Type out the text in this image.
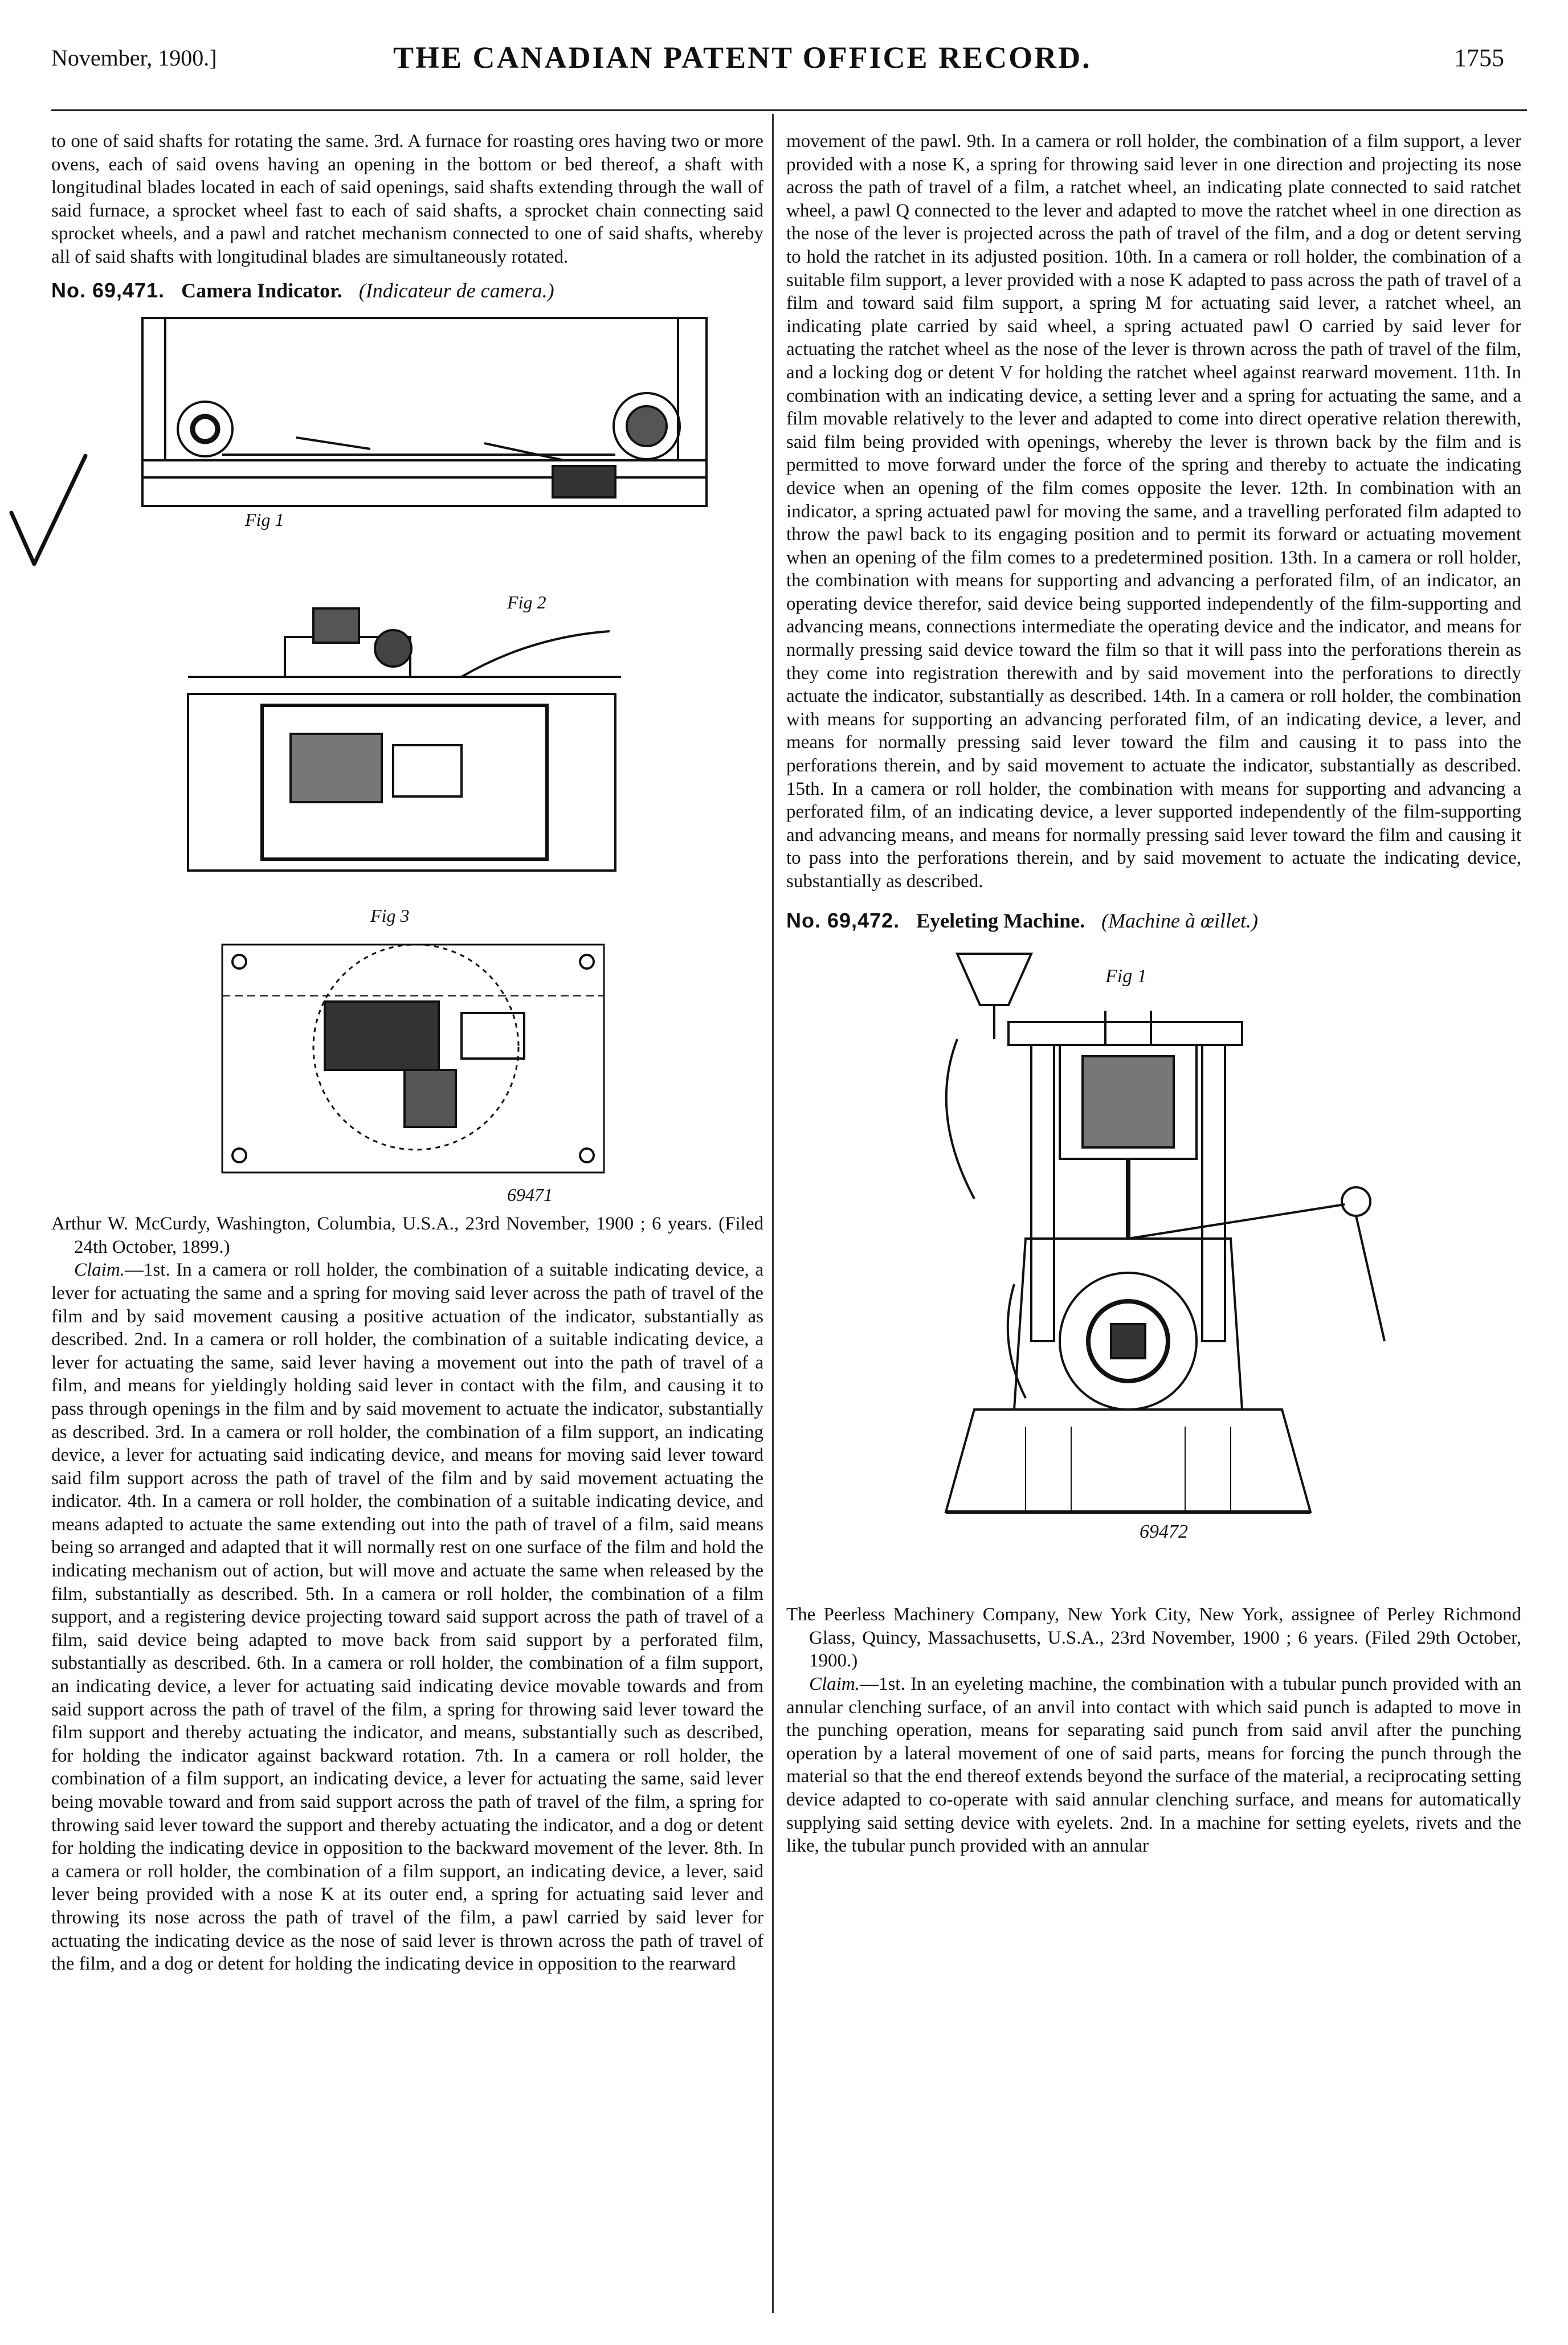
November, 1900.]	THE CANADIAN PATENT OFFICE RECORD.	1755

to one of said shafts for rotating the same. 3rd. A furnace for roasting ores having two or more ovens, each of said ovens having an opening in the bottom or bed thereof, a shaft with longitudinal blades located in each of said openings, said shafts extending through the wall of said furnace, a sprocket wheel fast to each of said shafts, a sprocket chain connecting said sprocket wheels, and a pawl and ratchet mechanism connected to one of said shafts, whereby all of said shafts with longitudinal blades are simultaneously rotated.

No. 69,471. Camera Indicator. (Indicateur de camera.)
Fig 1
Fig 2
Fig 3
69471

Arthur W. McCurdy, Washington, Columbia, U.S.A., 23rd November, 1900 ; 6 years. (Filed 24th October, 1899.)

Claim.—1st. In a camera or roll holder, the combination of a suitable indicating device, a lever for actuating the same and a spring for moving said lever across the path of travel of the film and by said movement causing a positive actuation of the indicator, substantially as described. 2nd. In a camera or roll holder, the combination of a suitable indicating device, a lever for actuating the same, said lever having a movement out into the path of travel of a film, and means for yieldingly holding said lever in contact with the film, and causing it to pass through openings in the film and by said movement to actuate the indicator, substantially as described. 3rd. In a camera or roll holder, the combination of a film support, an indicating device, a lever for actuating said indicating device, and means for moving said lever toward said film support across the path of travel of the film and by said movement actuating the indicator. 4th. In a camera or roll holder, the combination of a suitable indicating device, and means adapted to actuate the same extending out into the path of travel of a film, said means being so arranged and adapted that it will normally rest on one surface of the film and hold the indicating mechanism out of action, but will move and actuate the same when released by the film, substantially as described. 5th. In a camera or roll holder, the combination of a film support, and a registering device projecting toward said support across the path of travel of a film, said device being adapted to move back from said support by a perforated film, substantially as described. 6th. In a camera or roll holder, the combination of a film support, an indicating device, a lever for actuating said indicating device movable towards and from said support across the path of travel of the film, a spring for throwing said lever toward the film support and thereby actuating the indicator, and means, substantially such as described, for holding the indicator against backward rotation. 7th. In a camera or roll holder, the combination of a film support, an indicating device, a lever for actuating the same, said lever being movable toward and from said support across the path of travel of the film, a spring for throwing said lever toward the support and thereby actuating the indicator, and a dog or detent for holding the indicating device in opposition to the backward movement of the lever. 8th. In a camera or roll holder, the combination of a film support, an indicating device, a lever, said lever being provided with a nose K at its outer end, a spring for actuating said lever and throwing its nose across the path of travel of the film, a pawl carried by said lever for actuating the indicating device as the nose of said lever is thrown across the path of travel of the film, and a dog or detent for holding the indicating device in opposition to the rearward

movement of the pawl. 9th. In a camera or roll holder, the combination of a film support, a lever provided with a nose K, a spring for throwing said lever in one direction and projecting its nose across the path of travel of a film, a ratchet wheel, an indicating plate connected to said ratchet wheel, a pawl Q connected to the lever and adapted to move the ratchet wheel in one direction as the nose of the lever is projected across the path of travel of the film, and a dog or detent serving to hold the ratchet in its adjusted position. 10th. In a camera or roll holder, the combination of a suitable film support, a lever provided with a nose K adapted to pass across the path of travel of a film and toward said film support, a spring M for actuating said lever, a ratchet wheel, an indicating plate carried by said wheel, a spring actuated pawl O carried by said lever for actuating the ratchet wheel as the nose of the lever is thrown across the path of travel of the film, and a locking dog or detent V for holding the ratchet wheel against rearward movement. 11th. In combination with an indicating device, a setting lever and a spring for actuating the same, and a film movable relatively to the lever and adapted to come into direct operative relation therewith, said film being provided with openings, whereby the lever is thrown back by the film and is permitted to move forward under the force of the spring and thereby to actuate the indicating device when an opening of the film comes opposite the lever. 12th. In combination with an indicator, a spring actuated pawl for moving the same, and a travelling perforated film adapted to throw the pawl back to its engaging position and to permit its forward or actuating movement when an opening of the film comes to a predetermined position. 13th. In a camera or roll holder, the combination with means for supporting and advancing a perforated film, of an indicator, an operating device therefor, said device being supported independently of the film-supporting and advancing means, connections intermediate the operating device and the indicator, and means for normally pressing said device toward the film so that it will pass into the perforations therein as they come into registration therewith and by said movement into the perforations to directly actuate the indicator, substantially as described. 14th. In a camera or roll holder, the combination with means for supporting an advancing perforated film, of an indicating device, a lever, and means for normally pressing said lever toward the film and causing it to pass into the perforations therein, and by said movement to actuate the indicator, substantially as described. 15th. In a camera or roll holder, the combination with means for supporting and advancing a perforated film, of an indicating device, a lever supported independently of the film-supporting and advancing means, and means for normally pressing said lever toward the film and causing it to pass into the perforations therein, and by said movement to actuate the indicating device, substantially as described.

No. 69,472. Eyeleting Machine. (Machine à œillet.)
Fig 1
69472

The Peerless Machinery Company, New York City, New York, assignee of Perley Richmond Glass, Quincy, Massachusetts, U.S.A., 23rd November, 1900 ; 6 years. (Filed 29th October, 1900.)

Claim.—1st. In an eyeleting machine, the combination with a tubular punch provided with an annular clenching surface, of an anvil into contact with which said punch is adapted to move in the punching operation, means for separating said punch from said anvil after the punching operation by a lateral movement of one of said parts, means for forcing the punch through the material so that the end thereof extends beyond the surface of the material, a reciprocating setting device adapted to co-operate with said annular clenching surface, and means for automatically supplying said setting device with eyelets. 2nd. In a machine for setting eyelets, rivets and the like, the tubular punch provided with an annular
